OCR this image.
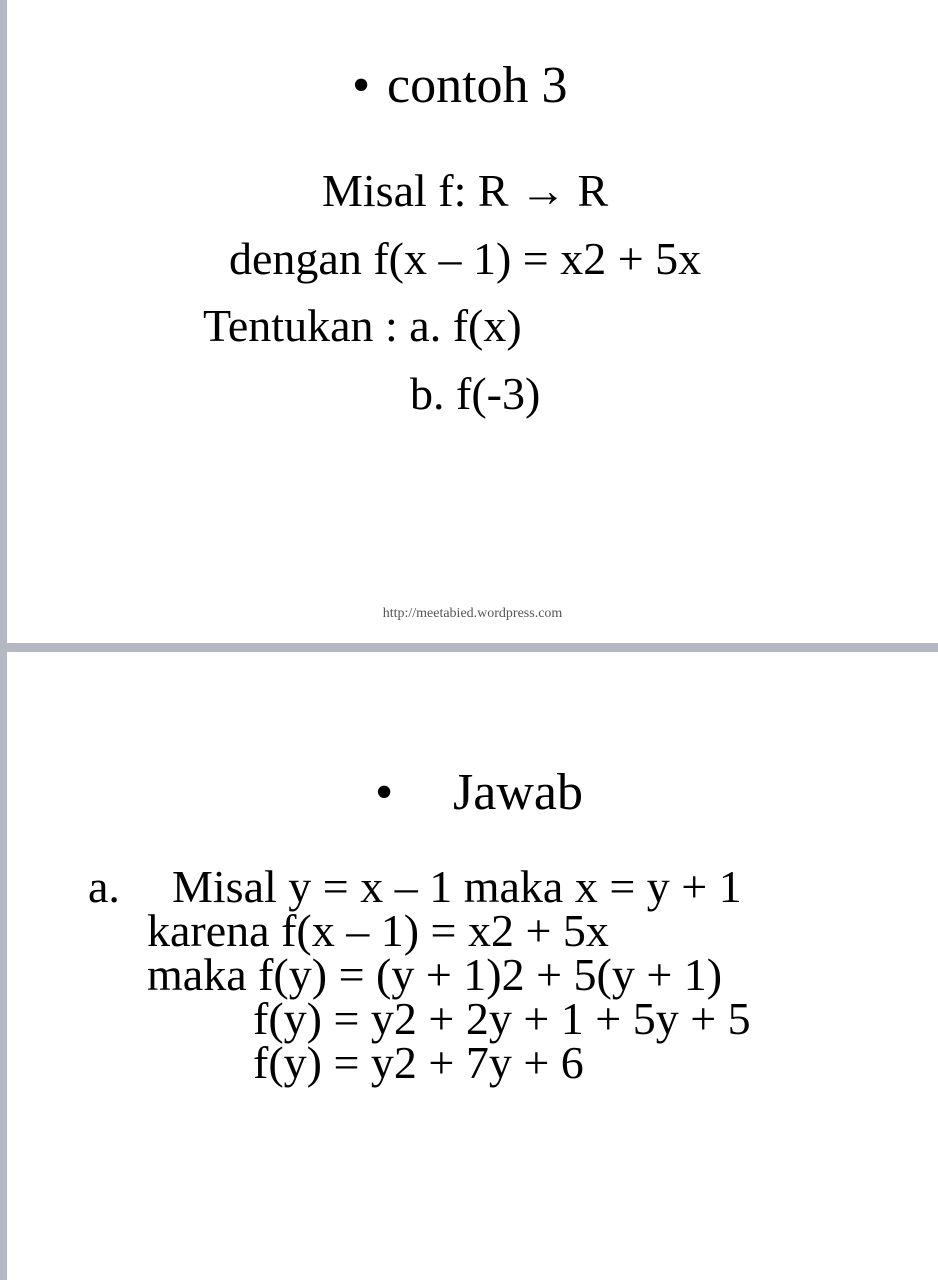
• contoh 3
Misal f: R → R
dengan f(x – 1) = x2 + 5x
Tentukan : a. f(x)
b. f(-3)
http://meetabied.wordpress.com
• Jawab
a. Misal y = x – 1 maka x = y + 1
karena f(x – 1) = x2 + 5x
maka f(y) = (y + 1)2 + 5(y + 1)
f(y) = y2 + 2y + 1 + 5y + 5
f(y) = y2 + 7y + 6
